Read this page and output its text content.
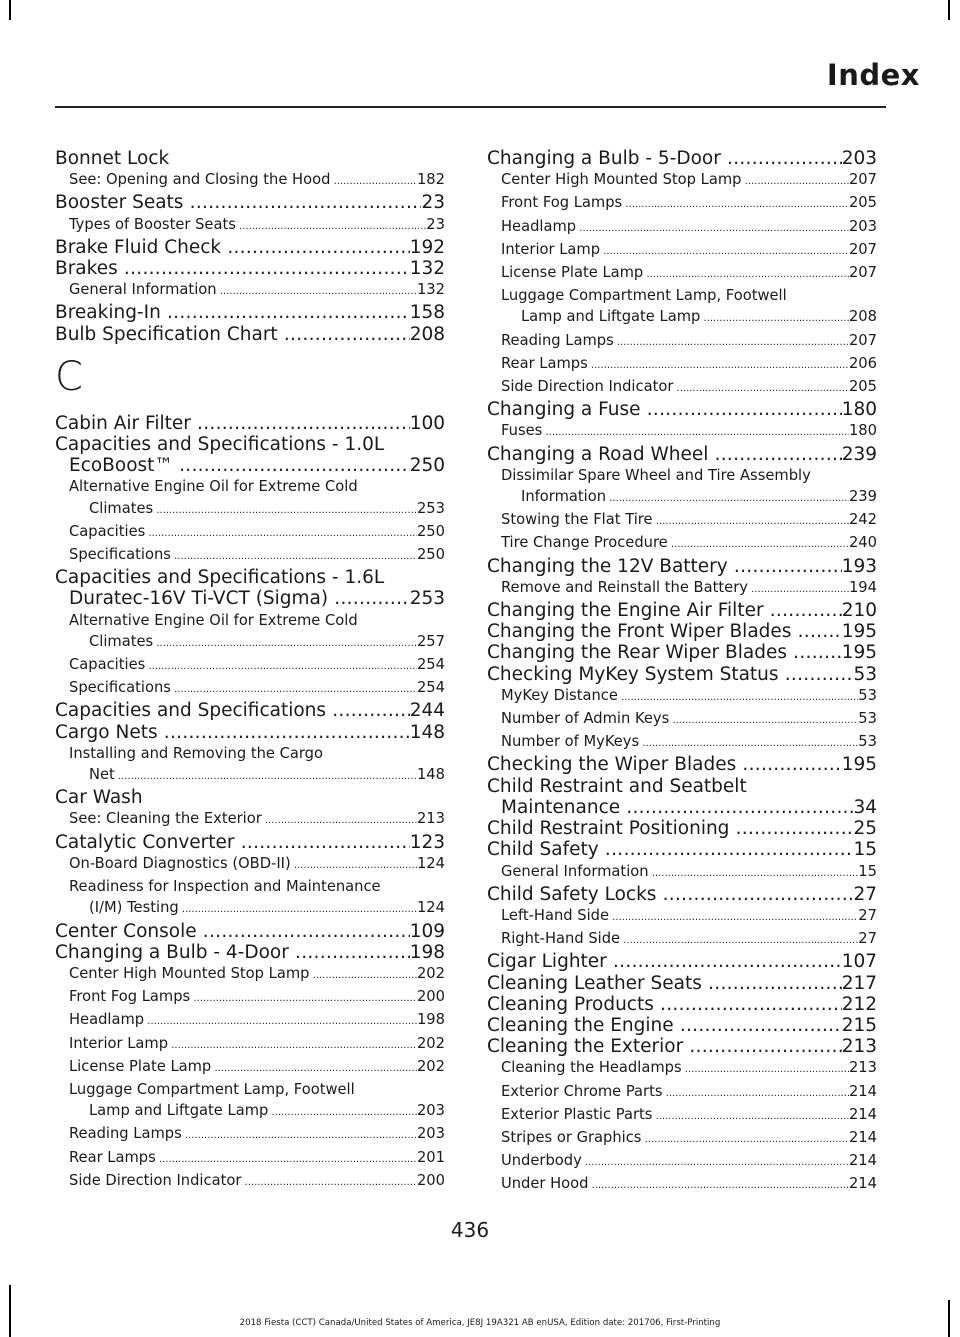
Index
Bonnet Lock
See: Opening and Closing the Hood .....	182
Booster Seats .....	23
Types of Booster Seats .....	23
Brake Fluid Check .....	192
Brakes .....	132
General Information .....	132
Breaking-In .....	158
Bulb Specification Chart .....	208
C
Cabin Air Filter .....	100
Capacities and Specifications - 1.0L
EcoBoost™ .....	250
Alternative Engine Oil for Extreme Cold
Climates .....	253
Capacities .....	250
Specifications .....	250
Capacities and Specifications - 1.6L
Duratec-16V Ti-VCT (Sigma) .....	253
Alternative Engine Oil for Extreme Cold
Climates .....	257
Capacities .....	254
Specifications .....	254
Capacities and Specifications .....	244
Cargo Nets .....	148
Installing and Removing the Cargo
Net .....	148
Car Wash
See: Cleaning the Exterior .....	213
Catalytic Converter .....	123
On-Board Diagnostics (OBD-II) .....	124
Readiness for Inspection and Maintenance
(I/M) Testing .....	124
Center Console .....	109
Changing a Bulb - 4-Door .....	198
Center High Mounted Stop Lamp .....	202
Front Fog Lamps .....	200
Headlamp .....	198
Interior Lamp .....	202
License Plate Lamp .....	202
Luggage Compartment Lamp, Footwell
Lamp and Liftgate Lamp .....	203
Reading Lamps .....	203
Rear Lamps .....	201
Side Direction Indicator .....	200
Changing a Bulb - 5-Door .....	203
Center High Mounted Stop Lamp .....	207
Front Fog Lamps .....	205
Headlamp .....	203
Interior Lamp .....	207
License Plate Lamp .....	207
Luggage Compartment Lamp, Footwell
Lamp and Liftgate Lamp .....	208
Reading Lamps .....	207
Rear Lamps .....	206
Side Direction Indicator .....	205
Changing a Fuse .....	180
Fuses .....	180
Changing a Road Wheel .....	239
Dissimilar Spare Wheel and Tire Assembly
Information .....	239
Stowing the Flat Tire .....	242
Tire Change Procedure .....	240
Changing the 12V Battery .....	193
Remove and Reinstall the Battery .....	194
Changing the Engine Air Filter .....	210
Changing the Front Wiper Blades .....	195
Changing the Rear Wiper Blades .....	195
Checking MyKey System Status .....	53
MyKey Distance .....	53
Number of Admin Keys .....	53
Number of MyKeys .....	53
Checking the Wiper Blades .....	195
Child Restraint and Seatbelt
Maintenance .....	34
Child Restraint Positioning .....	25
Child Safety .....	15
General Information .....	15
Child Safety Locks .....	27
Left-Hand Side .....	27
Right-Hand Side .....	27
Cigar Lighter .....	107
Cleaning Leather Seats .....	217
Cleaning Products .....	212
Cleaning the Engine .....	215
Cleaning the Exterior .....	213
Cleaning the Headlamps .....	213
Exterior Chrome Parts .....	214
Exterior Plastic Parts .....	214
Stripes or Graphics .....	214
Underbody .....	214
Under Hood .....	214
436
2018 Fiesta (CCT) Canada/United States of America, JE8J 19A321 AB enUSA, Edition date: 201706, First-Printing
